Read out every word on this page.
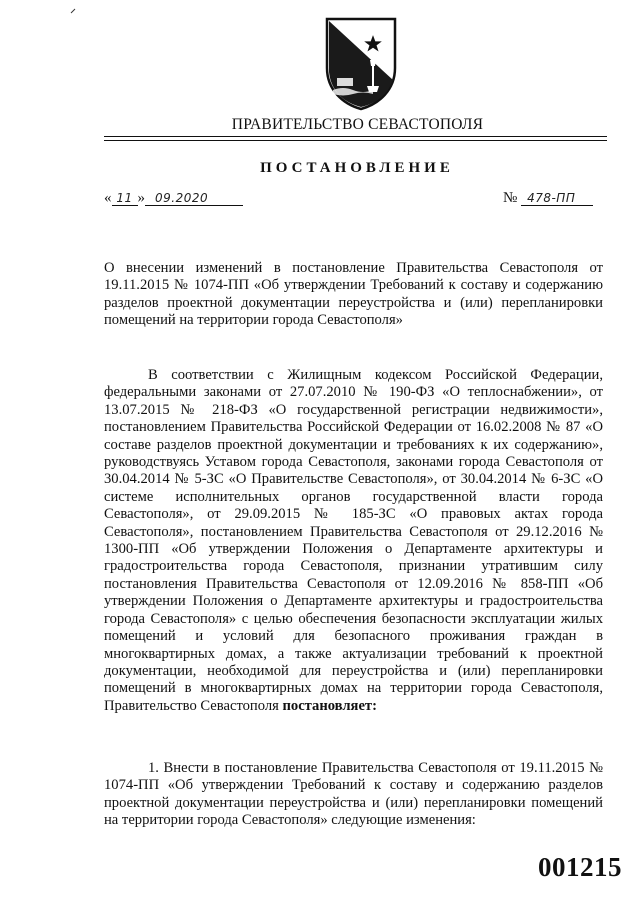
ПРАВИТЕЛЬСТВО СЕВАСТОПОЛЯ
ПОСТАНОВЛЕНИЕ
« 11 » 09.2020	№ 478-ПП
О внесении изменений в постановление Правительства Севастополя от 19.11.2015 № 1074-ПП «Об утверждении Требований к составу и содержанию разделов проектной документации переустройства и (или) перепланировки помещений на территории города Севастополя»
В соответствии с Жилищным кодексом Российской Федерации, федеральными законами от 27.07.2010 № 190-ФЗ «О теплоснабжении», от 13.07.2015 № 218-ФЗ «О государственной регистрации недвижимости», постановлением Правительства Российской Федерации от 16.02.2008 № 87 «О составе разделов проектной документации и требованиях к их содержанию», руководствуясь Уставом города Севастополя, законами города Севастополя от 30.04.2014 № 5-ЗС «О Правительстве Севастополя», от 30.04.2014 № 6-ЗС «О системе исполнительных органов государственной власти города Севастополя», от 29.09.2015 № 185-ЗС «О правовых актах города Севастополя», постановлением Правительства Севастополя от 29.12.2016 № 1300-ПП «Об утверждении Положения о Департаменте архитектуры и градостроительства города Севастополя, признании утратившим силу постановления Правительства Севастополя от 12.09.2016 № 858-ПП «Об утверждении Положения о Департаменте архитектуры и градостроительства города Севастополя» с целью обеспечения безопасности эксплуатации жилых помещений и условий для безопасного проживания граждан в многоквартирных домах, а также актуализации требований к проектной документации, необходимой для переустройства и (или) перепланировки помещений в многоквартирных домах на территории города Севастополя, Правительство Севастополя постановляет:
1. Внести в постановление Правительства Севастополя от 19.11.2015 № 1074-ПП «Об утверждении Требований к составу и содержанию разделов проектной документации переустройства и (или) перепланировки помещений на территории города Севастополя» следующие изменения:
001215
